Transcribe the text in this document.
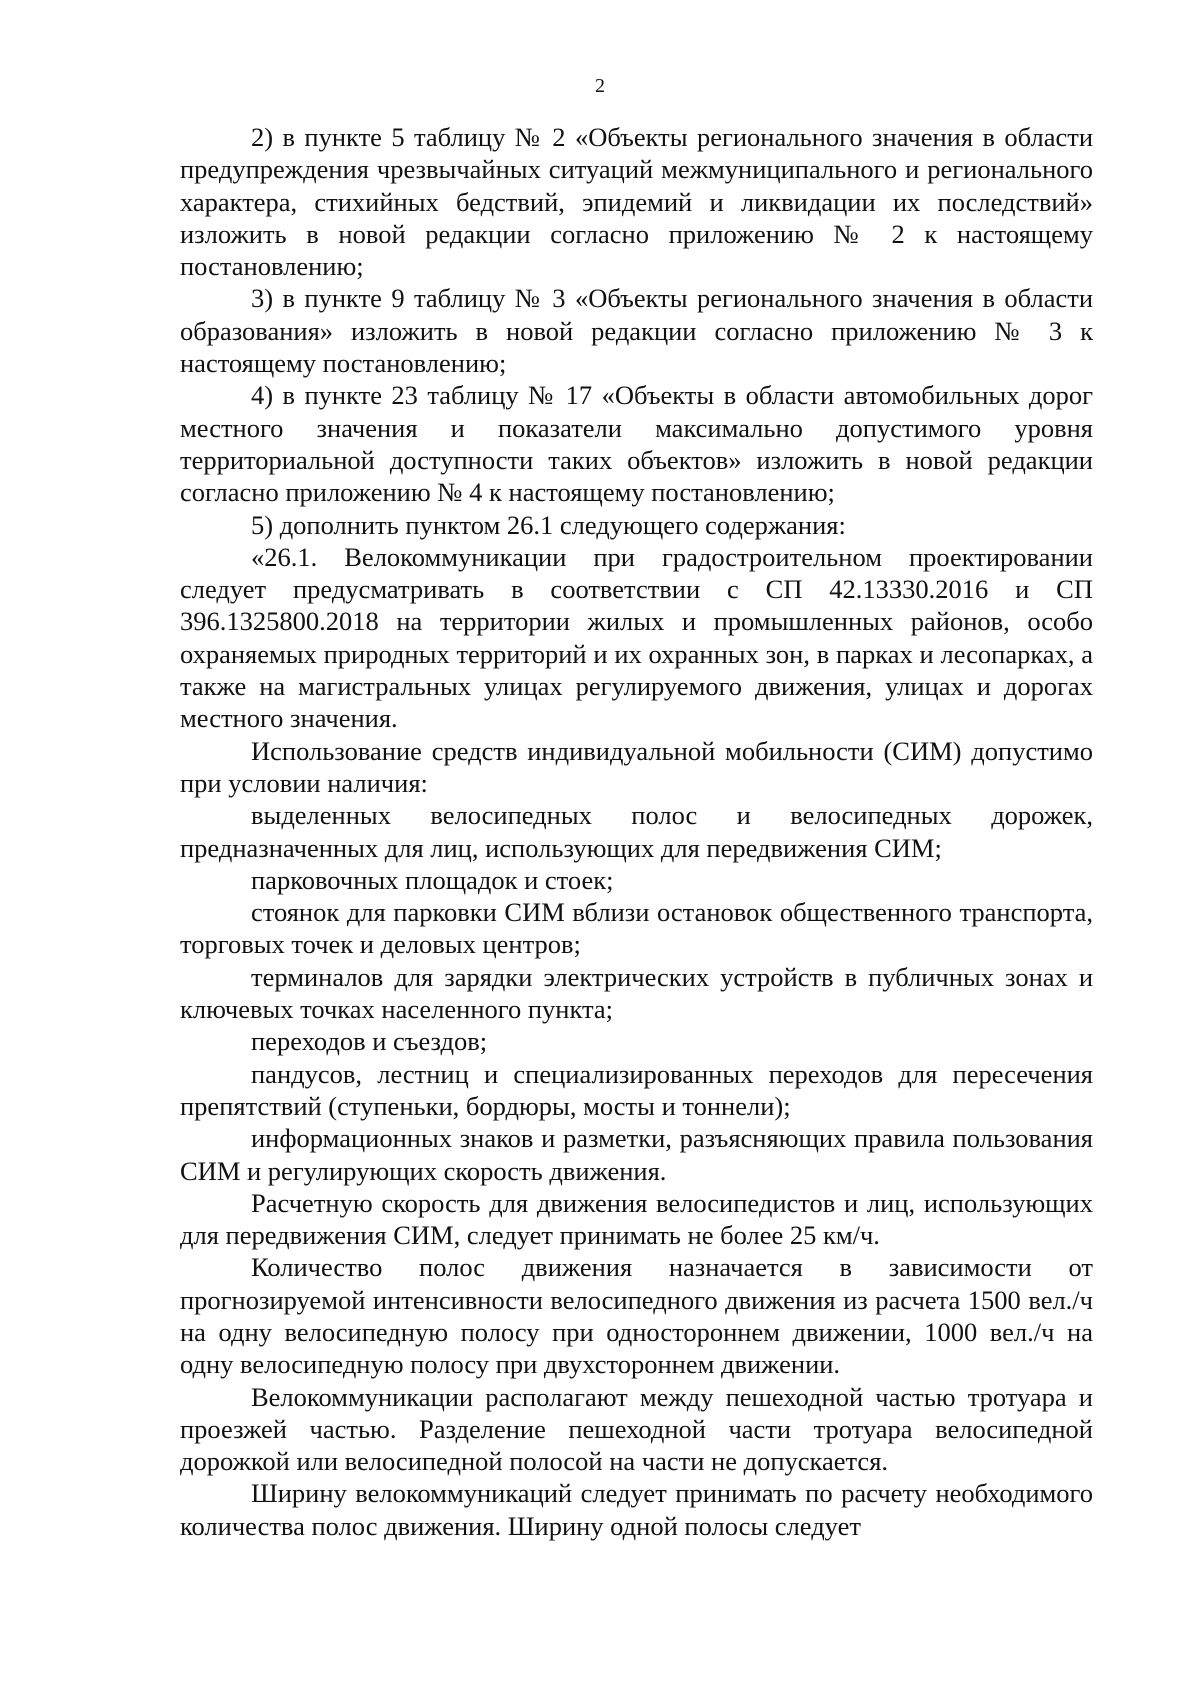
2

2) в пункте 5 таблицу № 2 «Объекты регионального значения в области предупреждения чрезвычайных ситуаций межмуниципального и регионального характера, стихийных бедствий, эпидемий и ликвидации их последствий» изложить в новой редакции согласно приложению № 2 к настоящему постановлению;

3) в пункте 9 таблицу № 3 «Объекты регионального значения в области образования» изложить в новой редакции согласно приложению № 3 к настоящему постановлению;

4) в пункте 23 таблицу № 17 «Объекты в области автомобильных дорог местного значения и показатели максимально допустимого уровня территориальной доступности таких объектов» изложить в новой редакции согласно приложению № 4 к настоящему постановлению;

5) дополнить пунктом 26.1 следующего содержания:

«26.1. Велокоммуникации при градостроительном проектировании следует предусматривать в соответствии с СП 42.13330.2016 и СП 396.1325800.2018 на территории жилых и промышленных районов, особо охраняемых природных территорий и их охранных зон, в парках и лесопарках, а также на магистральных улицах регулируемого движения, улицах и дорогах местного значения.

Использование средств индивидуальной мобильности (СИМ) допустимо при условии наличия:

выделенных велосипедных полос и велосипедных дорожек, предназначенных для лиц, использующих для передвижения СИМ;

парковочных площадок и стоек;

стоянок для парковки СИМ вблизи остановок общественного транспорта, торговых точек и деловых центров;

терминалов для зарядки электрических устройств в публичных зонах и ключевых точках населенного пункта;

переходов и съездов;

пандусов, лестниц и специализированных переходов для пересечения препятствий (ступеньки, бордюры, мосты и тоннели);

информационных знаков и разметки, разъясняющих правила пользования СИМ и регулирующих скорость движения.

Расчетную скорость для движения велосипедистов и лиц, использующих для передвижения СИМ, следует принимать не более 25 км/ч.

Количество полос движения назначается в зависимости от прогнозируемой интенсивности велосипедного движения из расчета 1500 вел./ч на одну велосипедную полосу при одностороннем движении, 1000 вел./ч на одну велосипедную полосу при двухстороннем движении.

Велокоммуникации располагают между пешеходной частью тротуара и проезжей частью. Разделение пешеходной части тротуара велосипедной дорожкой или велосипедной полосой на части не допускается.

Ширину велокоммуникаций следует принимать по расчету необходимого количества полос движения. Ширину одной полосы следует
